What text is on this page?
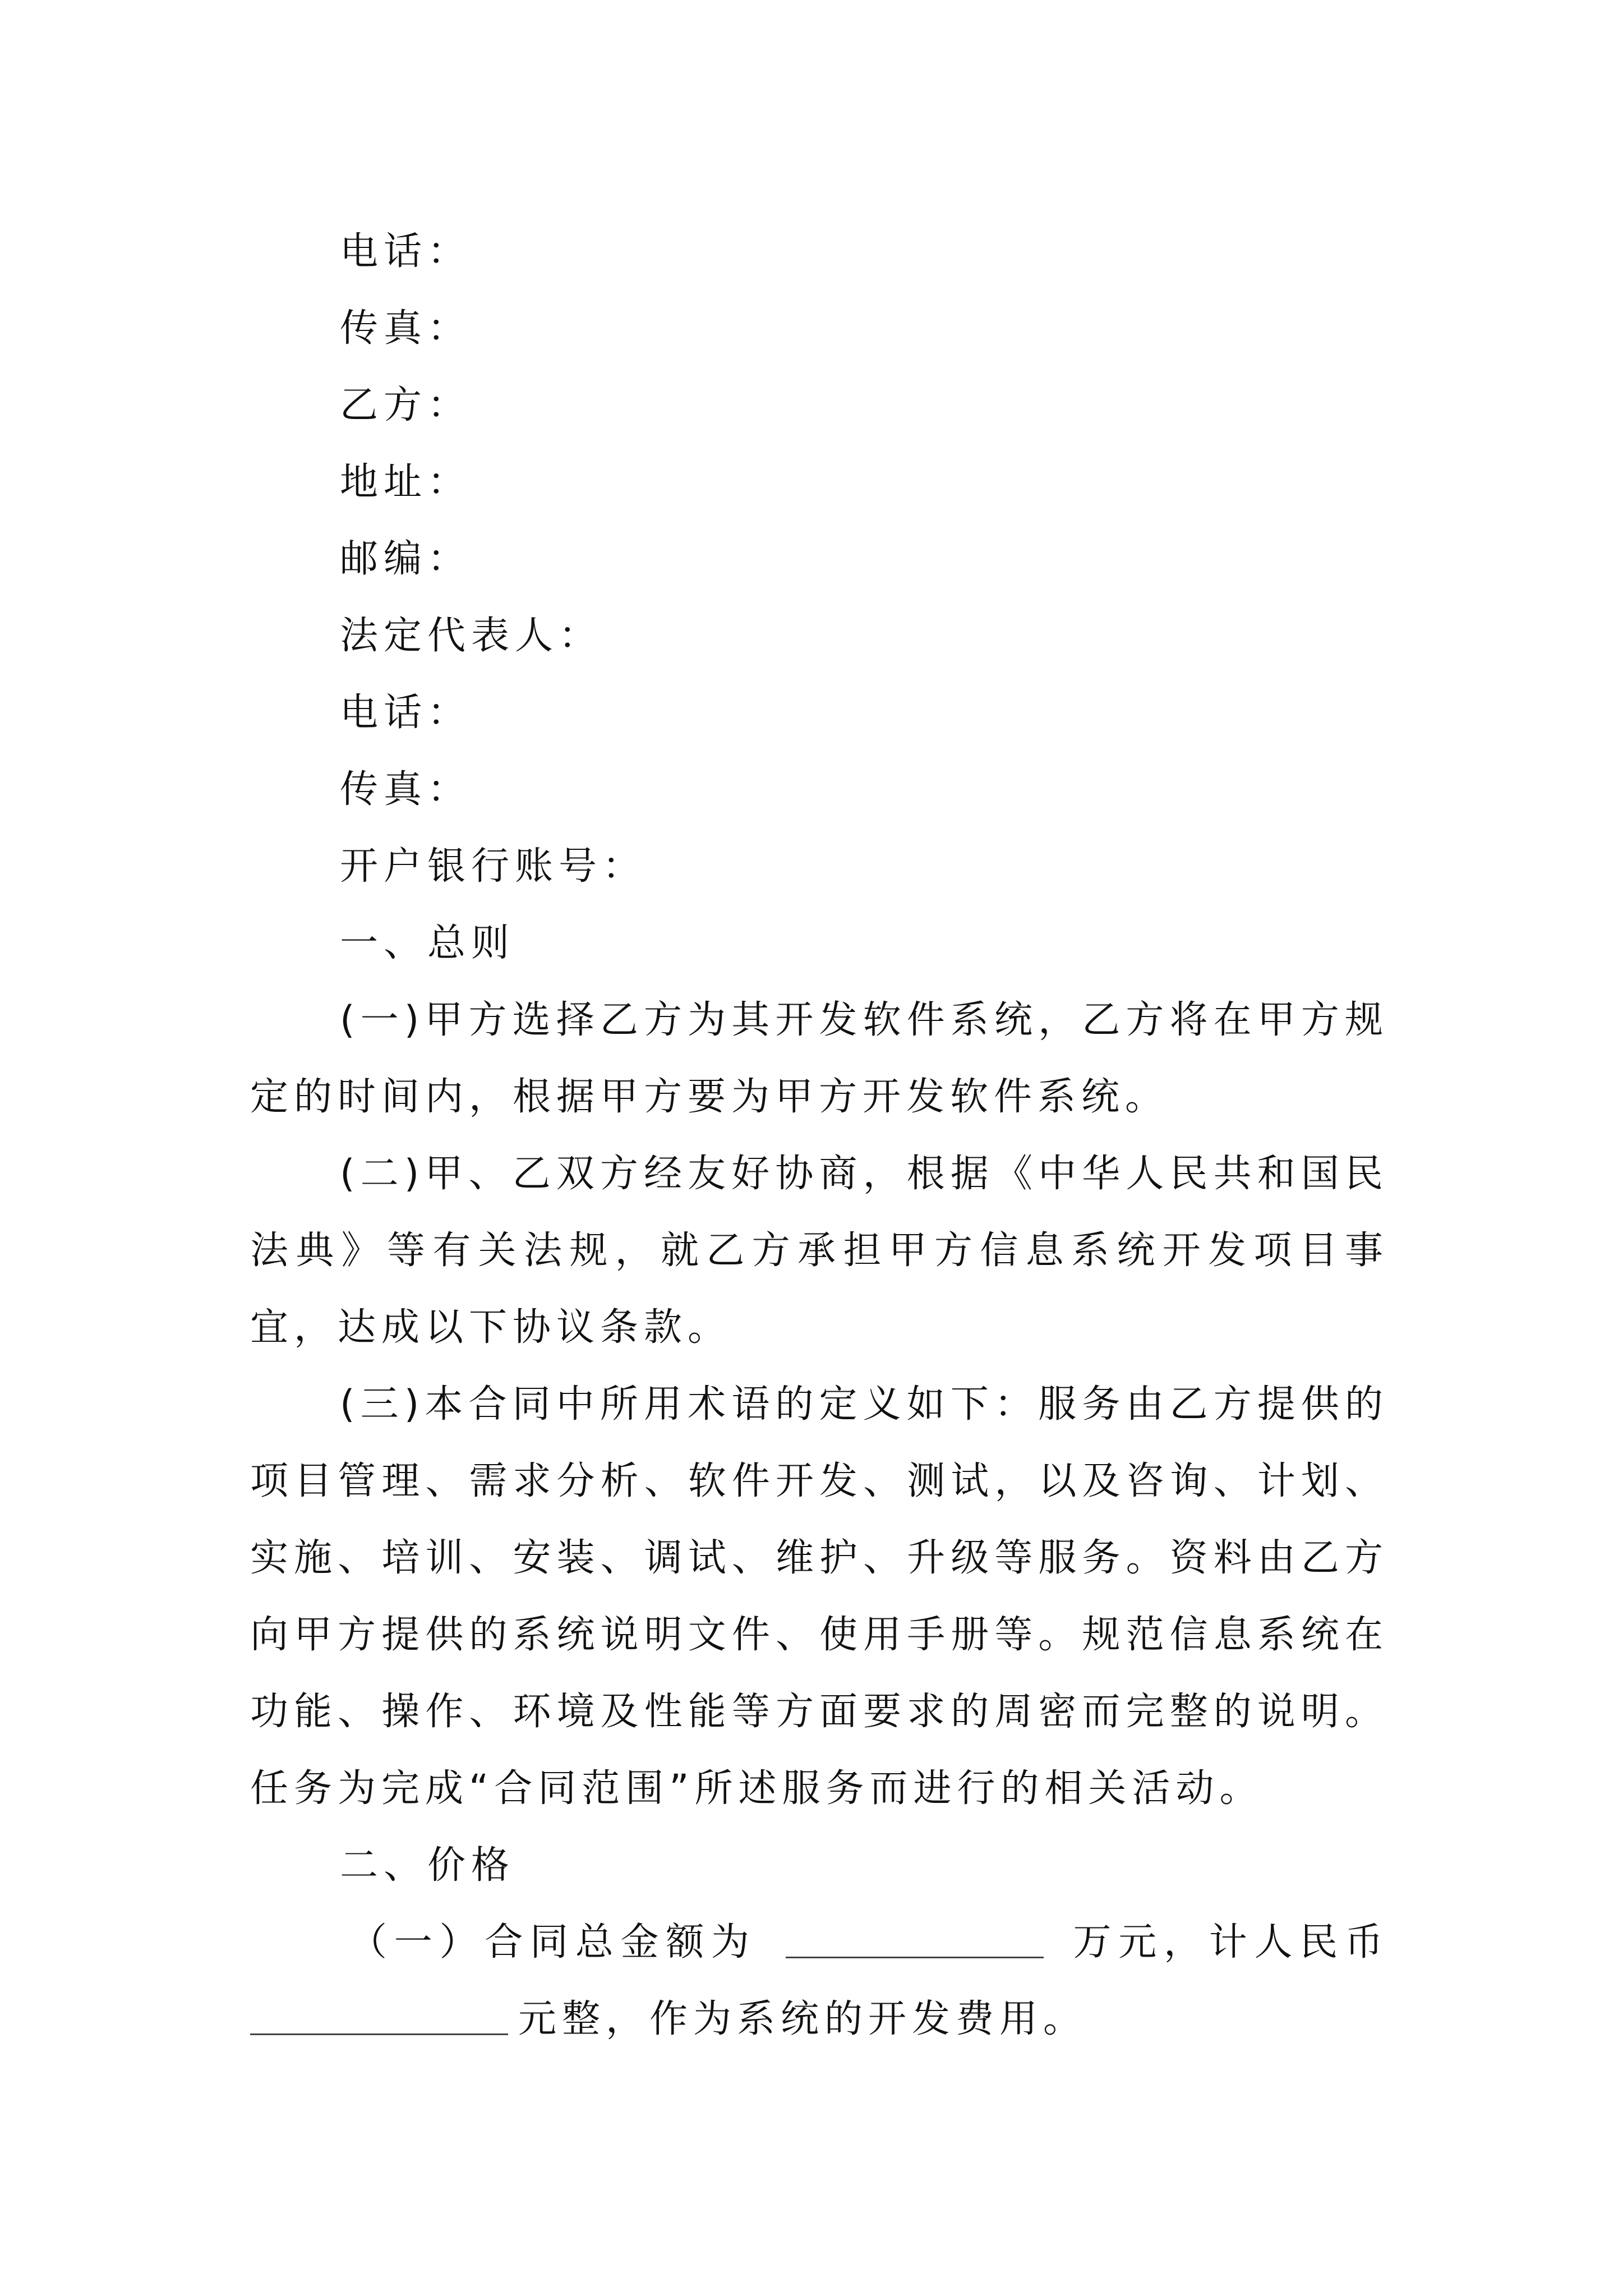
电话：

传真：

乙方：

地址：

邮编：

法定代表人：

电话：

传真：

开户银行账号：

一、总则

(一)甲方选择乙方为其开发软件系统，乙方将在甲方规定的时间内，根据甲方要为甲方开发软件系统。

(二)甲、乙双方经友好协商，根据《中华人民共和国民法典》等有关法规，就乙方承担甲方信息系统开发项目事宜，达成以下协议条款。

(三)本合同中所用术语的定义如下：服务由乙方提供的项目管理、需求分析、软件开发、测试，以及咨询、计划、实施、培训、安装、调试、维护、升级等服务。资料由乙方向甲方提供的系统说明文件、使用手册等。规范信息系统在功能、操作、环境及性能等方面要求的周密而完整的说明。任务为完成“合同范围”所述服务而进行的相关活动。

二、价格

（一）合同总金额为	万元，计人民币
元整，作为系统的开发费用。
